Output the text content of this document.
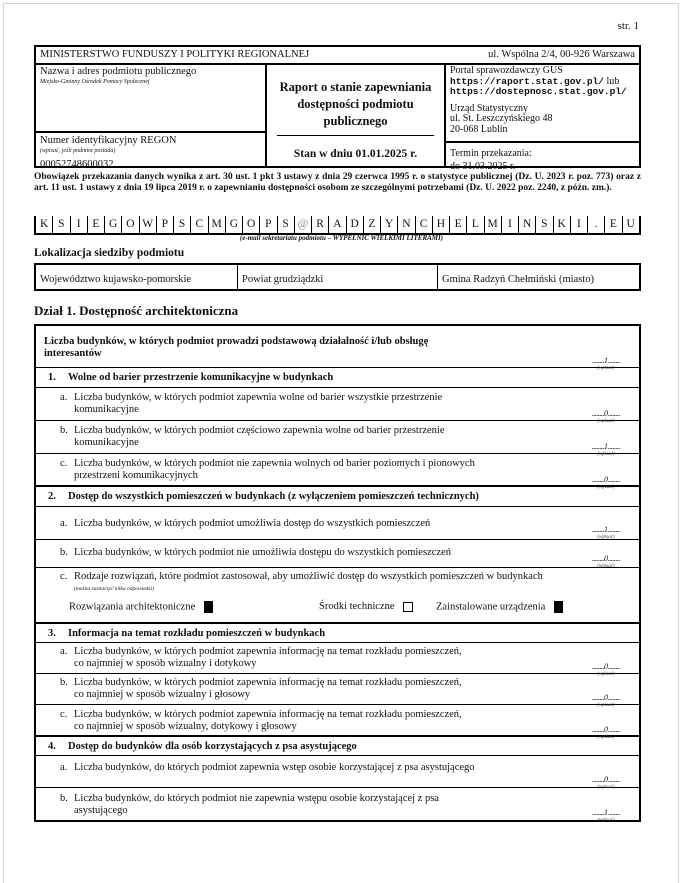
str. 1
MINISTERSTWO FUNDUSZY I POLITYKI REGIONALNEJ	ul. Wspólna 2/4, 00-926 Warszawa
Nazwa i adres podmiotu publicznego
Miejsko-Gminny Ośrodek Pomocy Społecznej
Numer identyfikacyjny REGON
(wpisać, jeśli podmiot posiada)
00052748600032
Raport o stanie zapewniania
dostępności podmiotu
publicznego
Stan w dniu 01.01.2025 r.
Portal sprawozdawczy GUS
https://raport.stat.gov.pl/ lub
https://dostepnosc.stat.gov.pl/
Urząd Statystyczny
ul. St. Leszczyńskiego 48
20-068 Lublin
Termin przekazania:
do 31.03.2025 r.
Obowiązek przekazania danych wynika z art. 30 ust. 1 pkt 3 ustawy z dnia 29 czerwca 1995 r. o statystyce publicznej (Dz. U. 2023 r. poz. 773) oraz z art. 11 ust. 1 ustawy z dnia 19 lipca 2019 r. o zapewnianiu dostępności osobom ze szczególnymi potrzebami (Dz. U. 2022 poz. 2240, z późn. zm.).
K S	I	E G O W P S C M G O P S @ R A D Z Y N C H E L M I N S K I	.	E U
(e-mail sekretariatu podmiotu – WYPEŁNIĆ WIELKIMI LITERAMI)
Lokalizacja siedziby podmiotu
Województwo kujawsko-pomorskie	Powiat grudziądzki	Gmina Radzyń Chełmiński (miasto)
Dział 1. Dostępność architektoniczna
Liczba budynków, w których podmiot prowadzi podstawową działalność i/lub obsługę
interesantów
........ 1 ........
(wpisać)
1. Wolne od barier przestrzenie komunikacyjne w budynkach
a. Liczba budynków, w których podmiot zapewnia wolne od barier wszystkie przestrzenie
komunikacyjne	........ 0 ........
(wpisać)
b. Liczba budynków, w których podmiot częściowo zapewnia wolne od barier przestrzenie
komunikacyjne	........ 1 ........
(wpisać)
c. Liczba budynków, w których podmiot nie zapewnia wolnych od barier poziomych i pionowych
przestrzeni komunikacyjnych	........ 0 ........
(wpisać)
2. Dostęp do wszystkich pomieszczeń w budynkach (z wyłączeniem pomieszczeń technicznych)
a. Liczba budynków, w których podmiot umożliwia dostęp do wszystkich pomieszczeń
........ 1 ........
(wpisać)
b. Liczba budynków, w których podmiot nie umożliwia dostępu do wszystkich pomieszczeń
........ 0 ........
(wpisać)
c. Rodzaje rozwiązań, które podmiot zastosował, aby umożliwić dostęp do wszystkich pomieszczeń w budynkach
(można zaznaczyć kilka odpowiedzi)
Rozwiązania architektoniczne	Środki techniczne	Zainstalowane urządzenia
3. Informacja na temat rozkładu pomieszczeń w budynkach
a. Liczba budynków, w których podmiot zapewnia informację na temat rozkładu pomieszczeń,
co najmniej w sposób wizualny i dotykowy	........ 0 ........
(wpisać)
b. Liczba budynków, w których podmiot zapewnia informację na temat rozkładu pomieszczeń,
co najmniej w sposób wizualny i głosowy	........ 0 ........
(wpisać)
c. Liczba budynków, w których podmiot zapewnia informację na temat rozkładu pomieszczeń,
co najmniej w sposób wizualny, dotykowy i głosowy	........ 0 ........
(wpisać)
4. Dostęp do budynków dla osób korzystających z psa asystującego
a. Liczba budynków, do których podmiot zapewnia wstęp osobie korzystającej z psa asystującego
........ 0 ........
(wpisać)
b. Liczba budynków, do których podmiot nie zapewnia wstępu osobie korzystającej z psa
asystującego	........ 1 ........
(wpisać)
